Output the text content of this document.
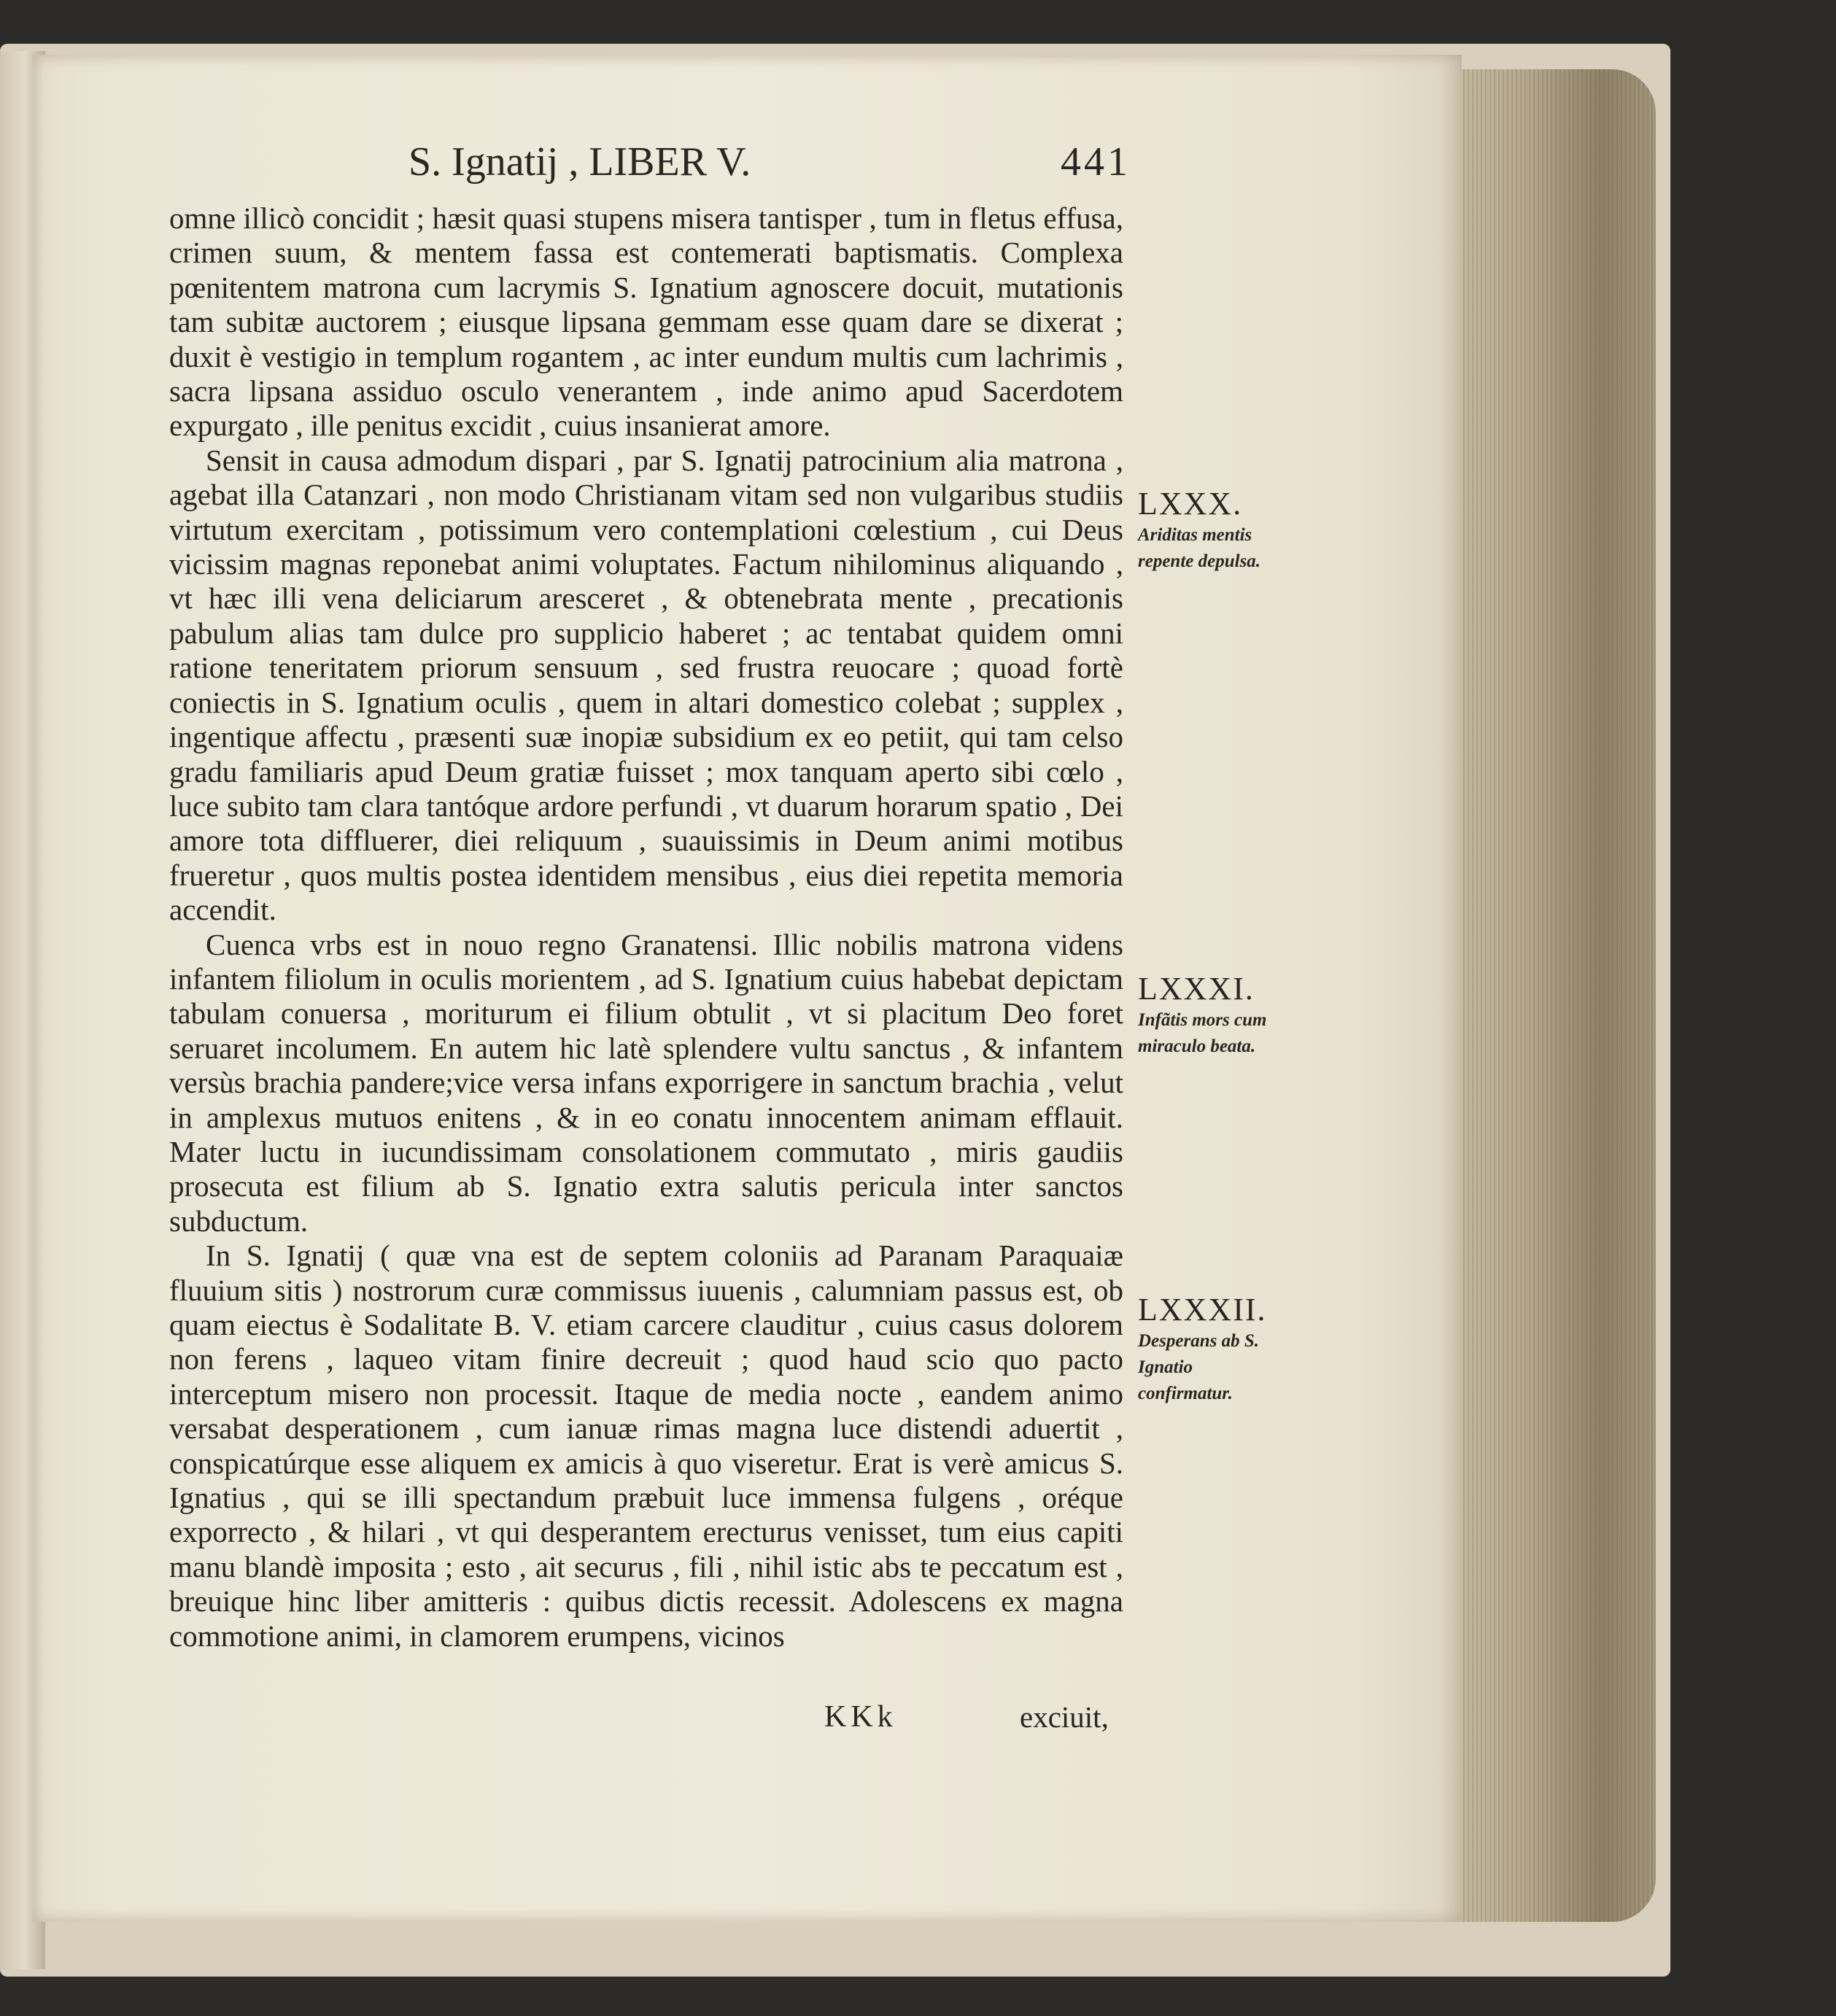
S. Ignatij , LIBER V.	441

omne illicò concidit ; hæsit quasi stupens misera tantisper , tum in fletus effusa, crimen suum, & mentem fassa est contemerati baptismatis. Complexa pœnitentem matrona cum lacrymis S. Ignatium agnoscere docuit, mutationis tam subitæ auctorem ; eiusque lipsana gemmam esse quam dare se dixerat ; duxit è vestigio in templum rogantem , ac inter eundum multis cum lachrimis , sacra lipsana assiduo osculo venerantem , inde animo apud Sacerdotem expurgato , ille penitus excidit , cuius insanierat amore.

Sensit in causa admodum dispari , par S. Ignatij patrocinium alia matrona , agebat illa Catanzari , non modo Christianam vitam sed non vulgaribus studiis virtutum exercitam , potissimum vero contemplationi cœlestium , cui Deus vicissim magnas reponebat animi voluptates. Factum nihilominus aliquando , vt hæc illi vena deliciarum aresceret , & obtenebrata mente , precationis pabulum alias tam dulce pro supplicio haberet ; ac tentabat quidem omni ratione teneritatem priorum sensuum , sed frustra reuocare ; quoad fortè coniectis in S. Ignatium oculis , quem in altari domestico colebat ; supplex , ingentique affectu , præsenti suæ inopiæ subsidium ex eo petiit, qui tam celso gradu familiaris apud Deum gratiæ fuisset ; mox tanquam aperto sibi cœlo , luce subito tam clara tantóque ardore perfundi , vt duarum horarum spatio , Dei amore tota diffluerer, diei reliquum , suauissimis in Deum animi motibus frueretur , quos multis postea identidem mensibus , eius diei repetita memoria accendit.

Cuenca vrbs est in nouo regno Granatensi. Illic nobilis matrona videns infantem filiolum in oculis morientem , ad S. Ignatium cuius habebat depictam tabulam conuersa , moriturum ei filium obtulit , vt si placitum Deo foret seruaret incolumem. En autem hic latè splendere vultu sanctus , & infantem versùs brachia pandere;vice versa infans exporrigere in sanctum brachia , velut in amplexus mutuos enitens , & in eo conatu innocentem animam efflauit. Mater luctu in iucundissimam consolationem commutato , miris gaudiis prosecuta est filium ab S. Ignatio extra salutis pericula inter sanctos subductum.

In S. Ignatij ( quæ vna est de septem coloniis ad Paranam Paraquaiæ fluuium sitis ) nostrorum curæ commissus iuuenis , calumniam passus est, ob quam eiectus è Sodalitate B. V. etiam carcere clauditur , cuius casus dolorem non ferens , laqueo vitam finire decreuit ; quod haud scio quo pacto interceptum misero non processit. Itaque de media nocte , eandem animo versabat desperationem , cum ianuæ rimas magna luce distendi aduertit , conspicatúrque esse aliquem ex amicis à quo viseretur. Erat is verè amicus S. Ignatius , qui se illi spectandum præbuit luce immensa fulgens , oréque exporrecto , & hilari , vt qui desperantem erecturus venisset, tum eius capiti manu blandè imposita ; esto , ait securus , fili , nihil istic abs te peccatum est , breuique hinc liber amitteris : quibus dictis recessit. Adolescens ex magna commotione animi, in clamorem erumpens, vicinos

LXXX.
Ariditas mentis repente depulsa.
LXXXI.
Infãtis mors cum miraculo beata.
LXXXII.
Desperans ab S. Ignatio confirmatur.
KKk	exciuit,
